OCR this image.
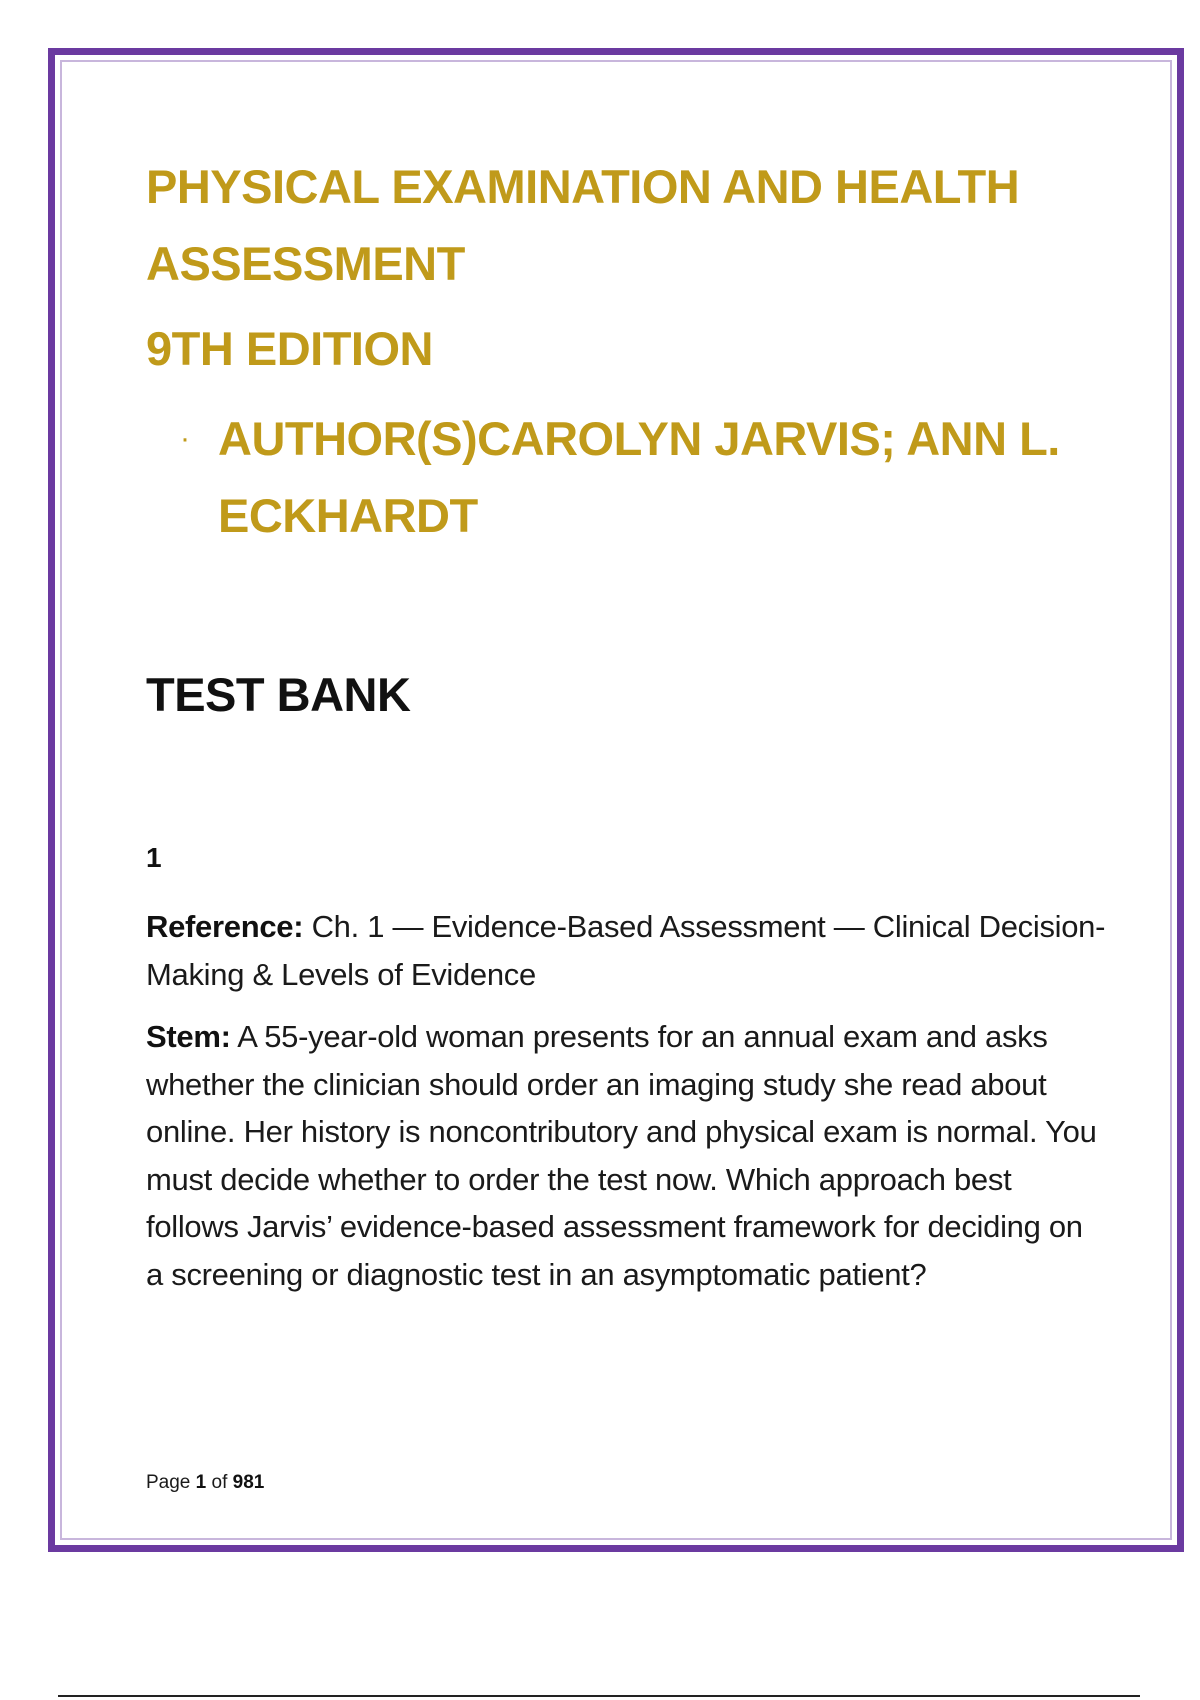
PHYSICAL EXAMINATION AND HEALTH ASSESSMENT
9TH EDITION
· AUTHOR(S)CAROLYN JARVIS; ANN L. ECKHARDT
TEST BANK
1

Reference: Ch. 1 — Evidence-Based Assessment — Clinical Decision-Making & Levels of Evidence

Stem: A 55-year-old woman presents for an annual exam and asks whether the clinician should order an imaging study she read about online. Her history is noncontributory and physical exam is normal. You must decide whether to order the test now. Which approach best follows Jarvis’ evidence-based assessment framework for deciding on a screening or diagnostic test in an asymptomatic patient?

Page 1 of 981
